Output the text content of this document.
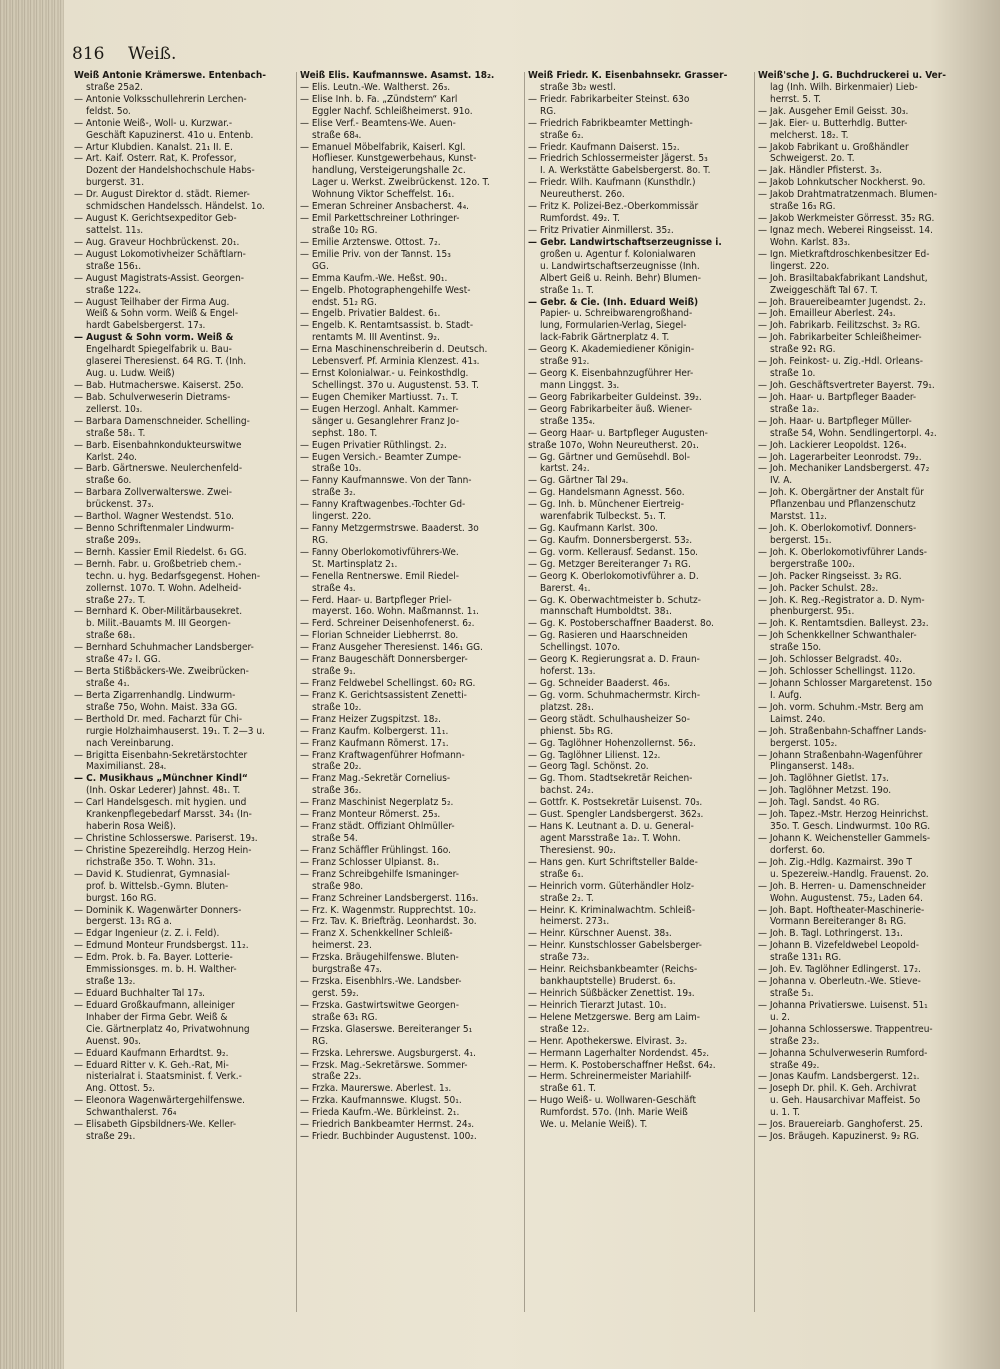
816 Weiß.
Weiß Antonie Krämerswe. Entenbach-
straße 25a2.
— Antonie Volksschullehrerin Lerchen-
feldst. 5o.
— Antonie Weiß-, Woll- u. Kurzwar.-
Geschäft Kapuzinerst. 41o u. Entenb.
— Artur Klubdien. Kanalst. 21₁ II. E.
— Art. Kaif. Österr. Rat, K. Professor,
Dozent der Handelshochschule Habs-
burgerst. 31.
— Dr. August Direktor d. städt. Riemer-
schmidschen Handelssch. Händelst. 1o.
— August K. Gerichtsexpeditor Geb-
sattelst. 11₃.
— Aug. Graveur Hochbrückenst. 20₁.
— August Lokomotivheizer Schäftlarn-
straße 156₁.
— August Magistrats-Assist. Georgen-
straße 122₄.
— August Teilhaber der Firma Aug.
Weiß & Sohn vorm. Weiß & Engel-
hardt Gabelsbergerst. 17₃.
— August & Sohn vorm. Weiß &
Engelhardt Spiegelfabrik u. Bau-
glaserei Theresienst. 64 RG. T. (Inh.
Aug. u. Ludw. Weiß)
— Bab. Hutmacherswe. Kaiserst. 25o.
— Bab. Schulverweserin Dietrams-
zellerst. 10₃.
— Barbara Damenschneider. Schelling-
straße 58₁. T.
— Barb. Eisenbahnkondukteurswitwe
Karlst. 24o.
— Barb. Gärtnerswe. Neulerchenfeld-
straße 6o.
— Barbara Zollverwalterswe. Zwei-
brückenst. 37₃.
— Barthol. Wagner Westendst. 51o.
— Benno Schriftenmaler Lindwurm-
straße 209₃.
— Bernh. Kassier Emil Riedelst. 6₁ GG.
— Bernh. Fabr. u. Großbetrieb chem.-
techn. u. hyg. Bedarfsgegenst. Hohen-
zollernst. 107o. T. Wohn. Adelheid-
straße 27₂. T.
— Bernhard K. Ober-Militärbausekret.
b. Milit.-Bauamts M. III Georgen-
straße 68₁.
— Bernhard Schuhmacher Landsberger-
straße 47₂ I. GG.
— Berta Stißbäckers-We. Zweibrücken-
straße 4₁.
— Berta Zigarrenhandlg. Lindwurm-
straße 75o, Wohn. Maist. 33a GG.
— Berthold Dr. med. Facharzt für Chi-
rurgie Holzhaimhauserst. 19₁. T. 2—3 u.
nach Vereinbarung.
— Brigitta Eisenbahn-Sekretärstochter
Maximilianst. 28₄.
— C. Musikhaus „Münchner Kindl“
(Inh. Oskar Lederer) Jahnst. 48₁. T.
— Carl Handelsgesch. mit hygien. und
Krankenpflegebedarf Marsst. 34₁ (In-
haberin Rosa Weiß).
— Christine Schlosserswe. Pariserst. 19₃.
— Christine Spezereihdlg. Herzog Hein-
richstraße 35o. T. Wohn. 31₃.
— David K. Studienrat, Gymnasial-
prof. b. Wittelsb.-Gymn. Bluten-
burgst. 16o RG.
— Dominik K. Wagenwärter Donners-
bergerst. 13₁ RG a.
— Edgar Ingenieur (z. Z. i. Feld).
— Edmund Monteur Frundsbergst. 11₂.
— Edm. Prok. b. Fa. Bayer. Lotterie-
Emmissionsges. m. b. H. Walther-
straße 13₂.
— Eduard Buchhalter Tal 17₃.
— Eduard Großkaufmann, alleiniger
Inhaber der Firma Gebr. Weiß &
Cie. Gärtnerplatz 4o, Privatwohnung
Auenst. 90₃.
— Eduard Kaufmann Erhardtst. 9₂.
— Eduard Ritter v. K. Geh.-Rat, Mi-
nisterialrat i. Staatsminist. f. Verk.-
Ang. Ottost. 5₂.
— Eleonora Wagenwärtergehilfenswe.
Schwanthalerst. 76₄
— Elisabeth Gipsbildners-We. Keller-
straße 29₁.
Weiß Elis. Kaufmannswe. Asamst. 18₂.
— Elis. Leutn.-We. Waltherst. 26₃.
— Elise Inh. b. Fa. „Zündstern“ Karl
Eggler Nachf. Schleißheimerst. 91o.
— Elise Verf.- Beamtens-We. Auen-
straße 68₄.
— Emanuel Möbelfabrik, Kaiserl. Kgl.
Hoflieser. Kunstgewerbehaus, Kunst-
handlung, Versteigerungshalle 2c.
Lager u. Werkst. Zweibrückenst. 12o. T.
Wohnung Viktor Scheffelst. 16₁.
— Emeran Schreiner Ansbacherst. 4₄.
— Emil Parkettschreiner Lothringer-
straße 10₂ RG.
— Emilie Arztenswe. Ottost. 7₂.
— Emilie Priv. von der Tannst. 15₃
GG.
— Emma Kaufm.-We. Heßst. 90₁.
— Engelb. Photographengehilfe West-
endst. 51₂ RG.
— Engelb. Privatier Baldest. 6₁.
— Engelb. K. Rentamtsassist. b. Stadt-
rentamts M. III Aventinst. 9₂.
— Erna Maschinenschreiberin d. Deutsch.
Lebensverf. Pf. Arminia Klenzest. 41₃.
— Ernst Kolonialwar.- u. Feinkosthdlg.
Schellingst. 37o u. Augustenst. 53. T.
— Eugen Chemiker Martiusst. 7₁. T.
— Eugen Herzogl. Anhalt. Kammer-
sänger u. Gesanglehrer Franz Jo-
sephst. 18o. T.
— Eugen Privatier Rüthlingst. 2₂.
— Eugen Versich.- Beamter Zumpe-
straße 10₃.
— Fanny Kaufmannswe. Von der Tann-
straße 3₂.
— Fanny Kraftwagenbes.-Tochter Gd-
lingerst. 22o.
— Fanny Metzgermstrswe. Baaderst. 3o
RG.
— Fanny Oberlokomotivführers-We.
St. Martinsplatz 2₁.
— Fenella Rentnerswe. Emil Riedel-
straße 4₃.
— Ferd. Haar- u. Bartpfleger Priel-
mayerst. 16o. Wohn. Maßmannst. 1₁.
— Ferd. Schreiner Deisenhofenerst. 6₂.
— Florian Schneider Liebherrst. 8o.
— Franz Ausgeher Theresienst. 146₁ GG.
— Franz Baugeschäft Donnersberger-
straße 9₁.
— Franz Feldwebel Schellingst. 60₂ RG.
— Franz K. Gerichtsassistent Zenetti-
straße 10₂.
— Franz Heizer Zugspitzst. 18₂.
— Franz Kaufm. Kolbergerst. 11₁.
— Franz Kaufmann Römerst. 17₁.
— Franz Kraftwagenführer Hofmann-
straße 20₂.
— Franz Mag.-Sekretär Cornelius-
straße 36₂.
— Franz Maschinist Negerplatz 5₂.
— Franz Monteur Römerst. 25₃.
— Franz städt. Offiziant Ohlmüller-
straße 54.
— Franz Schäffler Frühlingst. 16o.
— Franz Schlosser Ulpianst. 8₁.
— Franz Schreibgehilfe Ismaninger-
straße 98o.
— Franz Schreiner Landsbergerst. 116₃.
— Frz. K. Wagenmstr. Rupprechtst. 10₂.
— Frz. Tav. K. Briefträg. Leonhardst. 3o.
— Franz X. Schenkkellner Schleiß-
heimerst. 23.
— Frzska. Bräugehilfenswe. Bluten-
burgstraße 47₃.
— Frzska. Eisenbhlrs.-We. Landsber-
gerst. 59₂.
— Frzska. Gastwirtswitwe Georgen-
straße 63₁ RG.
— Frzska. Glaserswe. Bereiteranger 5₁
RG.
— Frzska. Lehrerswe. Augsburgerst. 4₁.
— Frzsk. Mag.-Sekretärswe. Sommer-
straße 22₃.
— Frzka. Maurerswe. Aberlest. 1₃.
— Frzka. Kaufmannswe. Klugst. 50₁.
— Frieda Kaufm.-We. Bürkleinst. 2₁.
— Friedrich Bankbeamter Herrnst. 24₃.
— Friedr. Buchbinder Augustenst. 100₂.
Weiß Friedr. K. Eisenbahnsekr. Grasser-
straße 3b₂ westl.
— Friedr. Fabrikarbeiter Steinst. 63o
RG.
— Friedrich Fabrikbeamter Mettingh-
straße 6₂.
— Friedr. Kaufmann Daiserst. 15₂.
— Friedrich Schlossermeister Jägerst. 5₃
I. A. Werkstätte Gabelsbergerst. 8o. T.
— Friedr. Wilh. Kaufmann (Kunsthdlr.)
Neureutherst. 26o.
— Fritz K. Polizei-Bez.-Oberkommissär
Rumfordst. 49₂. T.
— Fritz Privatier Ainmillerst. 35₂.
— Gebr. Landwirtschaftserzeugnisse i.
großen u. Agentur f. Kolonialwaren
u. Landwirtschaftserzeugnisse (Inh.
Albert Geiß u. Reinh. Behr) Blumen-
straße 1₁. T.
— Gebr. & Cie. (Inh. Eduard Weiß)
Papier- u. Schreibwarengroßhand-
lung, Formularien-Verlag, Siegel-
lack-Fabrik Gärtnerplatz 4. T.
— Georg K. Akademiediener Königin-
straße 91₂.
— Georg K. Eisenbahnzugführer Her-
mann Linggst. 3₃.
— Georg Fabrikarbeiter Guldeinst. 39₂.
— Georg Fabrikarbeiter äuß. Wiener-
straße 135₄.
— Georg Haar- u. Bartpfleger Augusten-
straße 107o, Wohn Neureutherst. 20₁.
— Gg. Gärtner und Gemüsehdl. Bol-
kartst. 24₂.
— Gg. Gärtner Tal 29₄.
— Gg. Handelsmann Agnesst. 56o.
— Gg. Inh. b. Münchener Eiertreig-
warenfabrik Tulbeckst. 5₁. T.
— Gg. Kaufmann Karlst. 30o.
— Gg. Kaufm. Donnersbergerst. 53₂.
— Gg. vorm. Kellerausf. Sedanst. 15o.
— Gg. Metzger Bereiteranger 7₁ RG.
— Georg K. Oberlokomotivführer a. D.
Barerst. 4₁.
— Gg. K. Oberwachtmeister b. Schutz-
mannschaft Humboldtst. 38₁.
— Gg. K. Postoberschaffner Baaderst. 8o.
— Gg. Rasieren und Haarschneiden
Schellingst. 107o.
— Georg K. Regierungsrat a. D. Fraun-
hoferst. 13₃.
— Gg. Schneider Baaderst. 46₃.
— Gg. vorm. Schuhmachermstr. Kirch-
platzst. 28₁.
— Georg städt. Schulhausheizer So-
phienst. 5b₃ RG.
— Gg. Taglöhner Hohenzollernst. 56₂.
— Gg. Taglöhner Lilienst. 12₂.
— Georg Tagl. Schönst. 2o.
— Gg. Thom. Stadtsekretär Reichen-
bachst. 24₂.
— Gottfr. K. Postsekretär Luisenst. 70₃.
— Gust. Spengler Landsbergerst. 362₃.
— Hans K. Leutnant a. D. u. General-
agent Marsstraße 1a₂. T. Wohn.
Theresienst. 90₂.
— Hans gen. Kurt Schriftsteller Balde-
straße 6₁.
— Heinrich vorm. Güterhändler Holz-
straße 2₂. T.
— Heinr. K. Kriminalwachtm. Schleiß-
heimerst. 273₁.
— Heinr. Kürschner Auenst. 38₃.
— Heinr. Kunstschlosser Gabelsberger-
straße 73₂.
— Heinr. Reichsbankbeamter (Reichs-
bankhauptstelle) Bruderst. 6₃.
— Heinrich Süßbäcker Zenettist. 19₃.
— Heinrich Tierarzt Jutast. 10₁.
— Helene Metzgerswe. Berg am Laim-
straße 12₂.
— Henr. Apothekerswe. Elvirast. 3₂.
— Hermann Lagerhalter Nordendst. 45₂.
— Herm. K. Postoberschaffner Heßst. 64₂.
— Herm. Schreinermeister Mariahilf-
straße 61. T.
— Hugo Weiß- u. Wollwaren-Geschäft
Rumfordst. 57o. (Inh. Marie Weiß
We. u. Melanie Weiß). T.
Weiß'sche J. G. Buchdruckerei u. Ver-
lag (Inh. Wilh. Birkenmaier) Lieb-
herrst. 5. T.
— Jak. Ausgeher Emil Geisst. 30₃.
— Jak. Eier- u. Butterhdlg. Butter-
melcherst. 18₂. T.
— Jakob Fabrikant u. Großhändler
Schweigerst. 2o. T.
— Jak. Händler Pfisterst. 3₃.
— Jakob Lohnkutscher Nockherst. 9o.
— Jakob Drahtmatratzenmach. Blumen-
straße 16₃ RG.
— Jakob Werkmeister Görresst. 35₂ RG.
— Ignaz mech. Weberei Ringseisst. 14.
Wohn. Karlst. 83₃.
— Ign. Mietkraftdroschkenbesitzer Ed-
lingerst. 22o.
— Joh. Brasiltabakfabrikant Landshut,
Zweiggeschäft Tal 67. T.
— Joh. Brauereibeamter Jugendst. 2₂.
— Joh. Emailleur Aberlest. 24₃.
— Joh. Fabrikarb. Feilitzschst. 3₂ RG.
— Joh. Fabrikarbeiter Schleißheimer-
straße 92₁ RG.
— Joh. Feinkost- u. Zig.-Hdl. Orleans-
straße 1o.
— Joh. Geschäftsvertreter Bayerst. 79₁.
— Joh. Haar- u. Bartpfleger Baader-
straße 1a₂.
— Joh. Haar- u. Bartpfleger Müller-
straße 54, Wohn. Sendlingertorpl. 4₂.
— Joh. Lackierer Leopoldst. 126₄.
— Joh. Lagerarbeiter Leonrodst. 79₂.
— Joh. Mechaniker Landsbergerst. 47₂
IV. A.
— Joh. K. Obergärtner der Anstalt für
Pflanzenbau und Pflanzenschutz
Marstst. 11₂.
— Joh. K. Oberlokomotivf. Donners-
bergerst. 15₁.
— Joh. K. Oberlokomotivführer Lands-
bergerstraße 100₂.
— Joh. Packer Ringseisst. 3₂ RG.
— Joh. Packer Schulst. 28₂.
— Joh. K. Reg.-Registrator a. D. Nym-
phenburgerst. 95₁.
— Joh. K. Rentamtsdien. Balleyst. 23₂.
— Joh Schenkkellner Schwanthaler-
straße 15o.
— Joh. Schlosser Belgradst. 40₂.
— Joh. Schlosser Schellingst. 112o.
— Johann Schlosser Margaretenst. 15o
I. Aufg.
— Joh. vorm. Schuhm.-Mstr. Berg am
Laimst. 24o.
— Joh. Straßenbahn-Schaffner Lands-
bergerst. 105₂.
— Johann Straßenbahn-Wagenführer
Plinganserst. 148₃.
— Joh. Taglöhner Gietlst. 17₃.
— Joh. Taglöhner Metzst. 19o.
— Joh. Tagl. Sandst. 4o RG.
— Joh. Tapez.-Mstr. Herzog Heinrichst.
35o. T. Gesch. Lindwurmst. 10o RG.
— Johann K. Weichensteller Gammels-
dorferst. 6o.
— Joh. Zig.-Hdlg. Kazmairst. 39o T
u. Spezereiw.-Handlg. Frauenst. 2o.
— Joh. B. Herren- u. Damenschneider
Wohn. Augustenst. 75₂, Laden 64.
— Joh. Bapt. Hoftheater-Maschinerie-
Vormann Bereiteranger 8₁ RG.
— Joh. B. Tagl. Lothringerst. 13₁.
— Johann B. Vizefeldwebel Leopold-
straße 131₁ RG.
— Joh. Ev. Taglöhner Edlingerst. 17₂.
— Johanna v. Oberleutn.-We. Stieve-
straße 5₁.
— Johanna Privatierswe. Luisenst. 51₁
u. 2.
— Johanna Schlosserswe. Trappentreu-
straße 23₂.
— Johanna Schulverweserin Rumford-
straße 49₂.
— Jonas Kaufm. Landsbergerst. 12₁.
— Joseph Dr. phil. K. Geh. Archivrat
u. Geh. Hausarchivar Maffeist. 5o
u. 1. T.
— Jos. Brauereiarb. Ganghoferst. 25.
— Jos. Bräugeh. Kapuzinerst. 9₂ RG.
